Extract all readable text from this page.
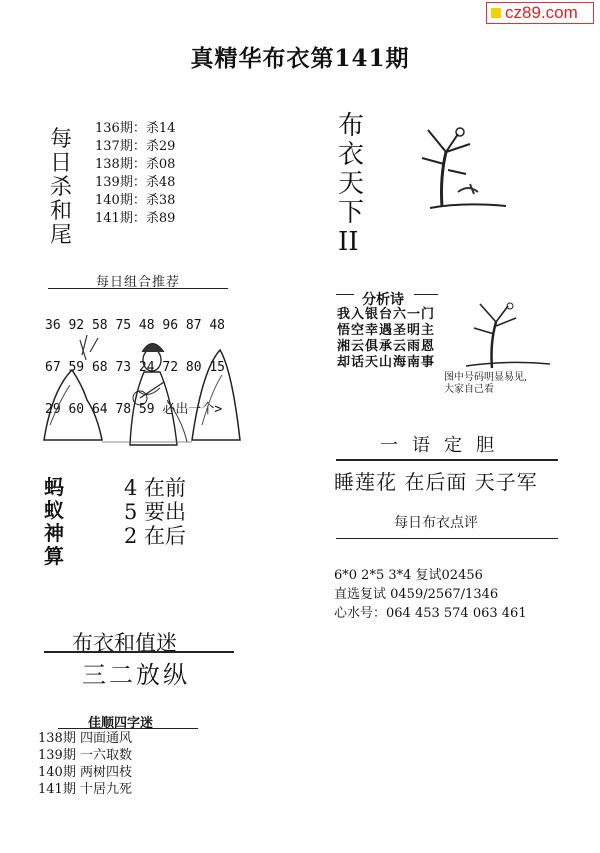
cz89.com
真精华布衣第141期
每
日
杀
和
尾
136期：杀14
137期：杀29
138期：杀08
139期：杀48
140期：杀38
141期：杀89
每日组合推荐

36 92 58 75 48 96 87 48

67 59 68 73 24 72 80 15

29 60 64 78 59 必出一个>

蚂
蚁
神
算
4 在前
5 要出
2 在后
布衣和值迷
三二放纵
佳顺四字迷
138期 四面通风
139期 一六取数
140期 两树四枝
141期 十居九死
布
衣
天
下
II
分析诗
我入银台六一门
悟空幸遇圣明主
湘云俱承云雨恩
却话天山海南事
图中号码明显易见,
大家自己看
一语定胆
睡莲花 在后面 天子军
每日布衣点评
6*0 2*5 3*4 复试02456
直选复试 0459/2567/1346
心水号：064 453 574 063 461
